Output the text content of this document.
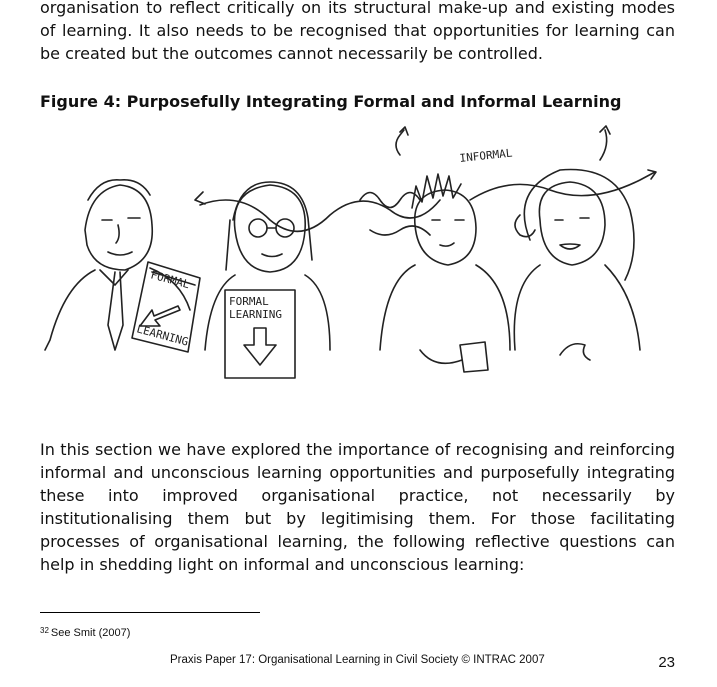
organisation to reflect critically on its structural make-up and existing modes of learning. It also needs to be recognised that opportunities for learning can be created but the outcomes cannot necessarily be controlled.

Figure 4: Purposefully Integrating Formal and Informal Learning

FORMAL
LEARNING
FORMAL
LEARNING
INFORMAL

In this section we have explored the importance of recognising and reinforcing informal and unconscious learning opportunities and purposefully integrating these into improved organisational practice, not necessarily by institutionalising them but by legitimising them. For those facilitating processes of organisational learning, the following reflective questions can help in shedding light on informal and unconscious learning:

$^{32}$ See Smit (2007)
Praxis Paper 17: Organisational Learning in Civil Society © INTRAC 2007	23
